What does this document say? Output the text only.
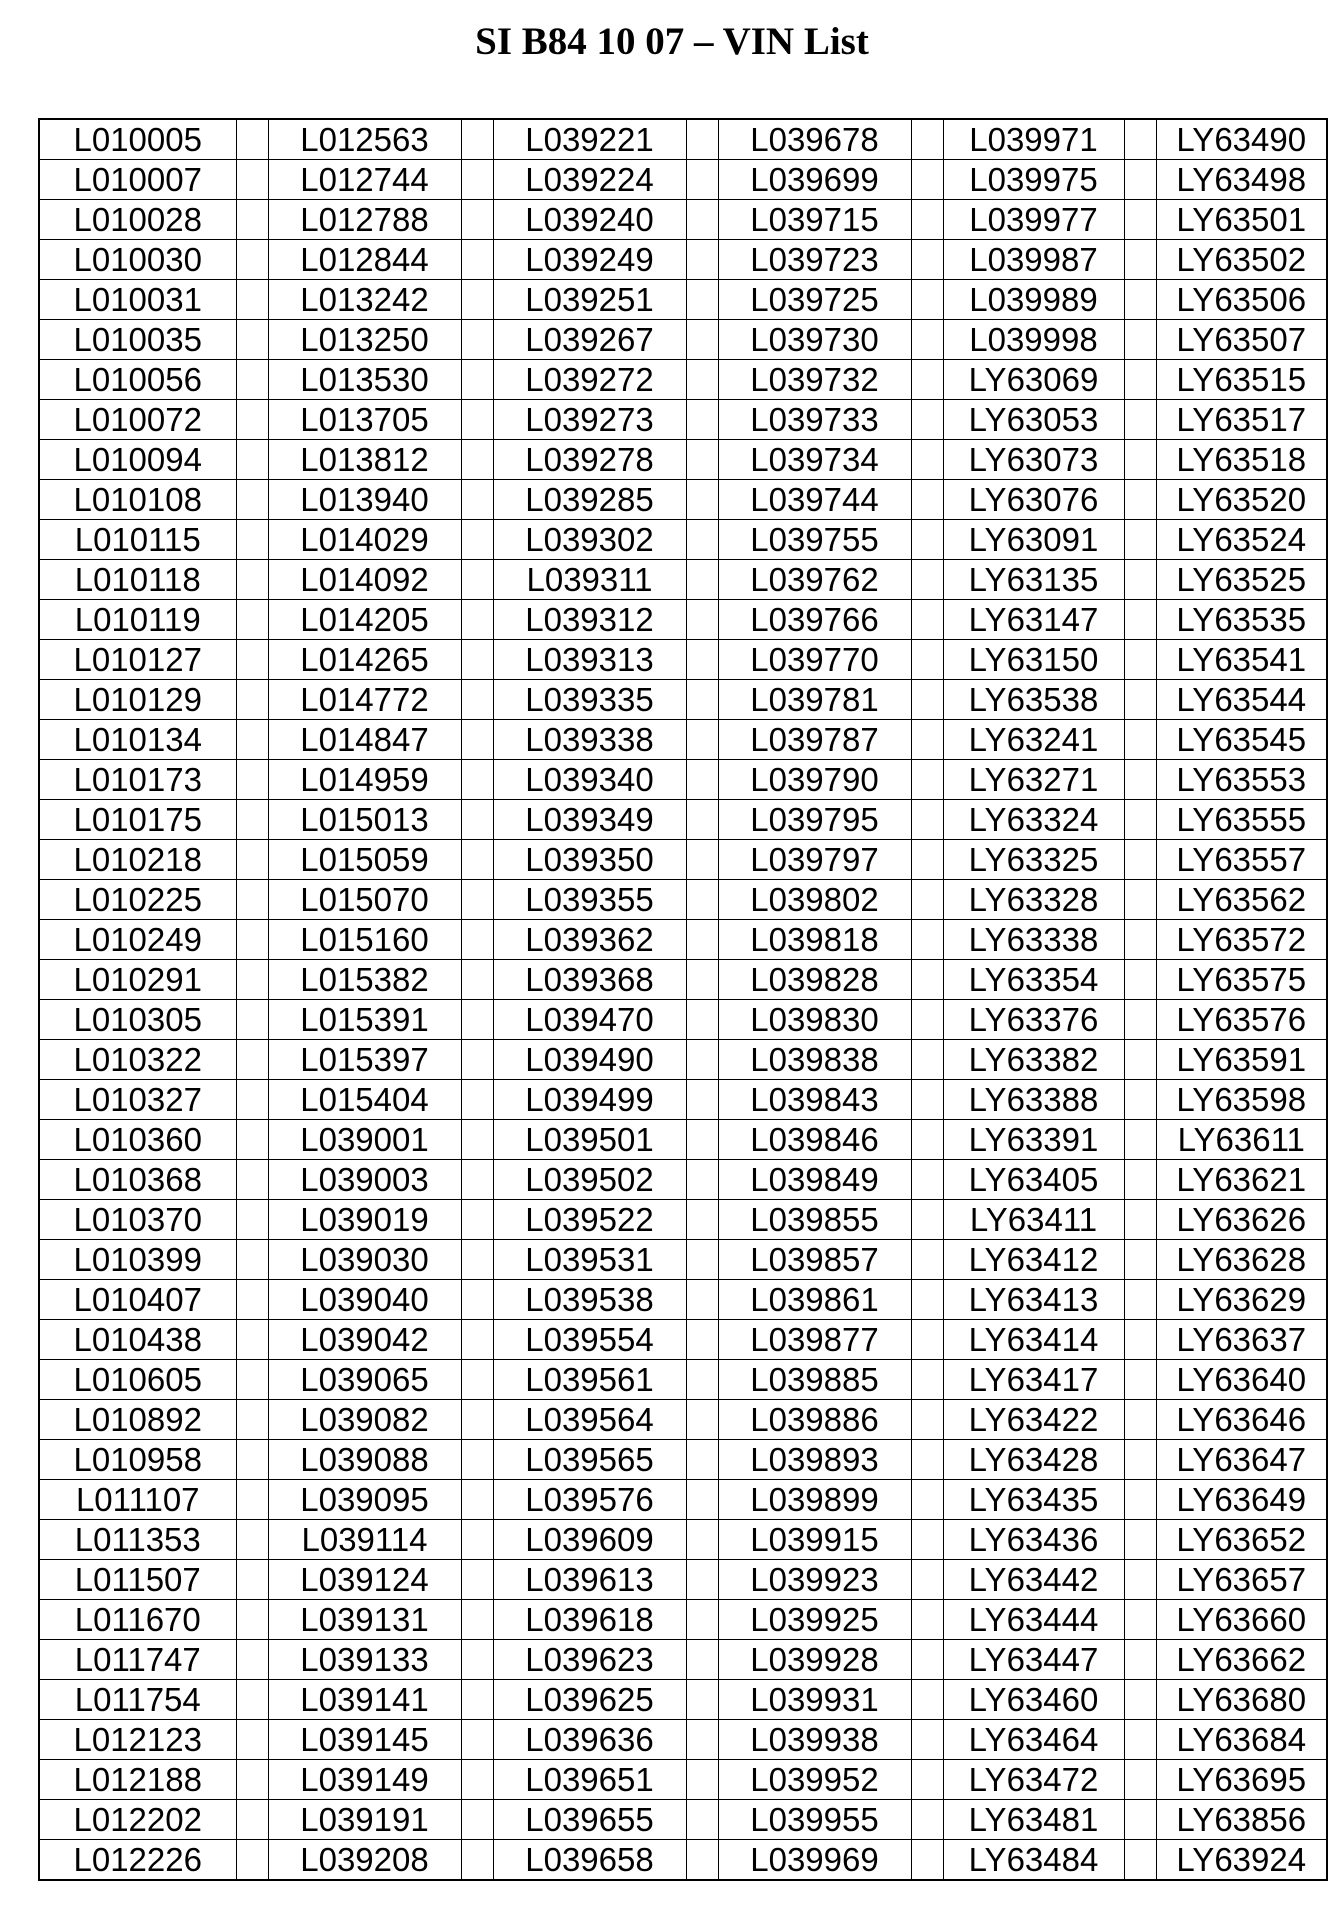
SI B84 10 07 – VIN List
L010005		L012563		L039221		L039678		L039971		LY63490
L010007		L012744		L039224		L039699		L039975		LY63498
L010028		L012788		L039240		L039715		L039977		LY63501
L010030		L012844		L039249		L039723		L039987		LY63502
L010031		L013242		L039251		L039725		L039989		LY63506
L010035		L013250		L039267		L039730		L039998		LY63507
L010056		L013530		L039272		L039732		LY63069		LY63515
L010072		L013705		L039273		L039733		LY63053		LY63517
L010094		L013812		L039278		L039734		LY63073		LY63518
L010108		L013940		L039285		L039744		LY63076		LY63520
L010115		L014029		L039302		L039755		LY63091		LY63524
L010118		L014092		L039311		L039762		LY63135		LY63525
L010119		L014205		L039312		L039766		LY63147		LY63535
L010127		L014265		L039313		L039770		LY63150		LY63541
L010129		L014772		L039335		L039781		LY63538		LY63544
L010134		L014847		L039338		L039787		LY63241		LY63545
L010173		L014959		L039340		L039790		LY63271		LY63553
L010175		L015013		L039349		L039795		LY63324		LY63555
L010218		L015059		L039350		L039797		LY63325		LY63557
L010225		L015070		L039355		L039802		LY63328		LY63562
L010249		L015160		L039362		L039818		LY63338		LY63572
L010291		L015382		L039368		L039828		LY63354		LY63575
L010305		L015391		L039470		L039830		LY63376		LY63576
L010322		L015397		L039490		L039838		LY63382		LY63591
L010327		L015404		L039499		L039843		LY63388		LY63598
L010360		L039001		L039501		L039846		LY63391		LY63611
L010368		L039003		L039502		L039849		LY63405		LY63621
L010370		L039019		L039522		L039855		LY63411		LY63626
L010399		L039030		L039531		L039857		LY63412		LY63628
L010407		L039040		L039538		L039861		LY63413		LY63629
L010438		L039042		L039554		L039877		LY63414		LY63637
L010605		L039065		L039561		L039885		LY63417		LY63640
L010892		L039082		L039564		L039886		LY63422		LY63646
L010958		L039088		L039565		L039893		LY63428		LY63647
L011107		L039095		L039576		L039899		LY63435		LY63649
L011353		L039114		L039609		L039915		LY63436		LY63652
L011507		L039124		L039613		L039923		LY63442		LY63657
L011670		L039131		L039618		L039925		LY63444		LY63660
L011747		L039133		L039623		L039928		LY63447		LY63662
L011754		L039141		L039625		L039931		LY63460		LY63680
L012123		L039145		L039636		L039938		LY63464		LY63684
L012188		L039149		L039651		L039952		LY63472		LY63695
L012202		L039191		L039655		L039955		LY63481		LY63856
L012226		L039208		L039658		L039969		LY63484		LY63924
